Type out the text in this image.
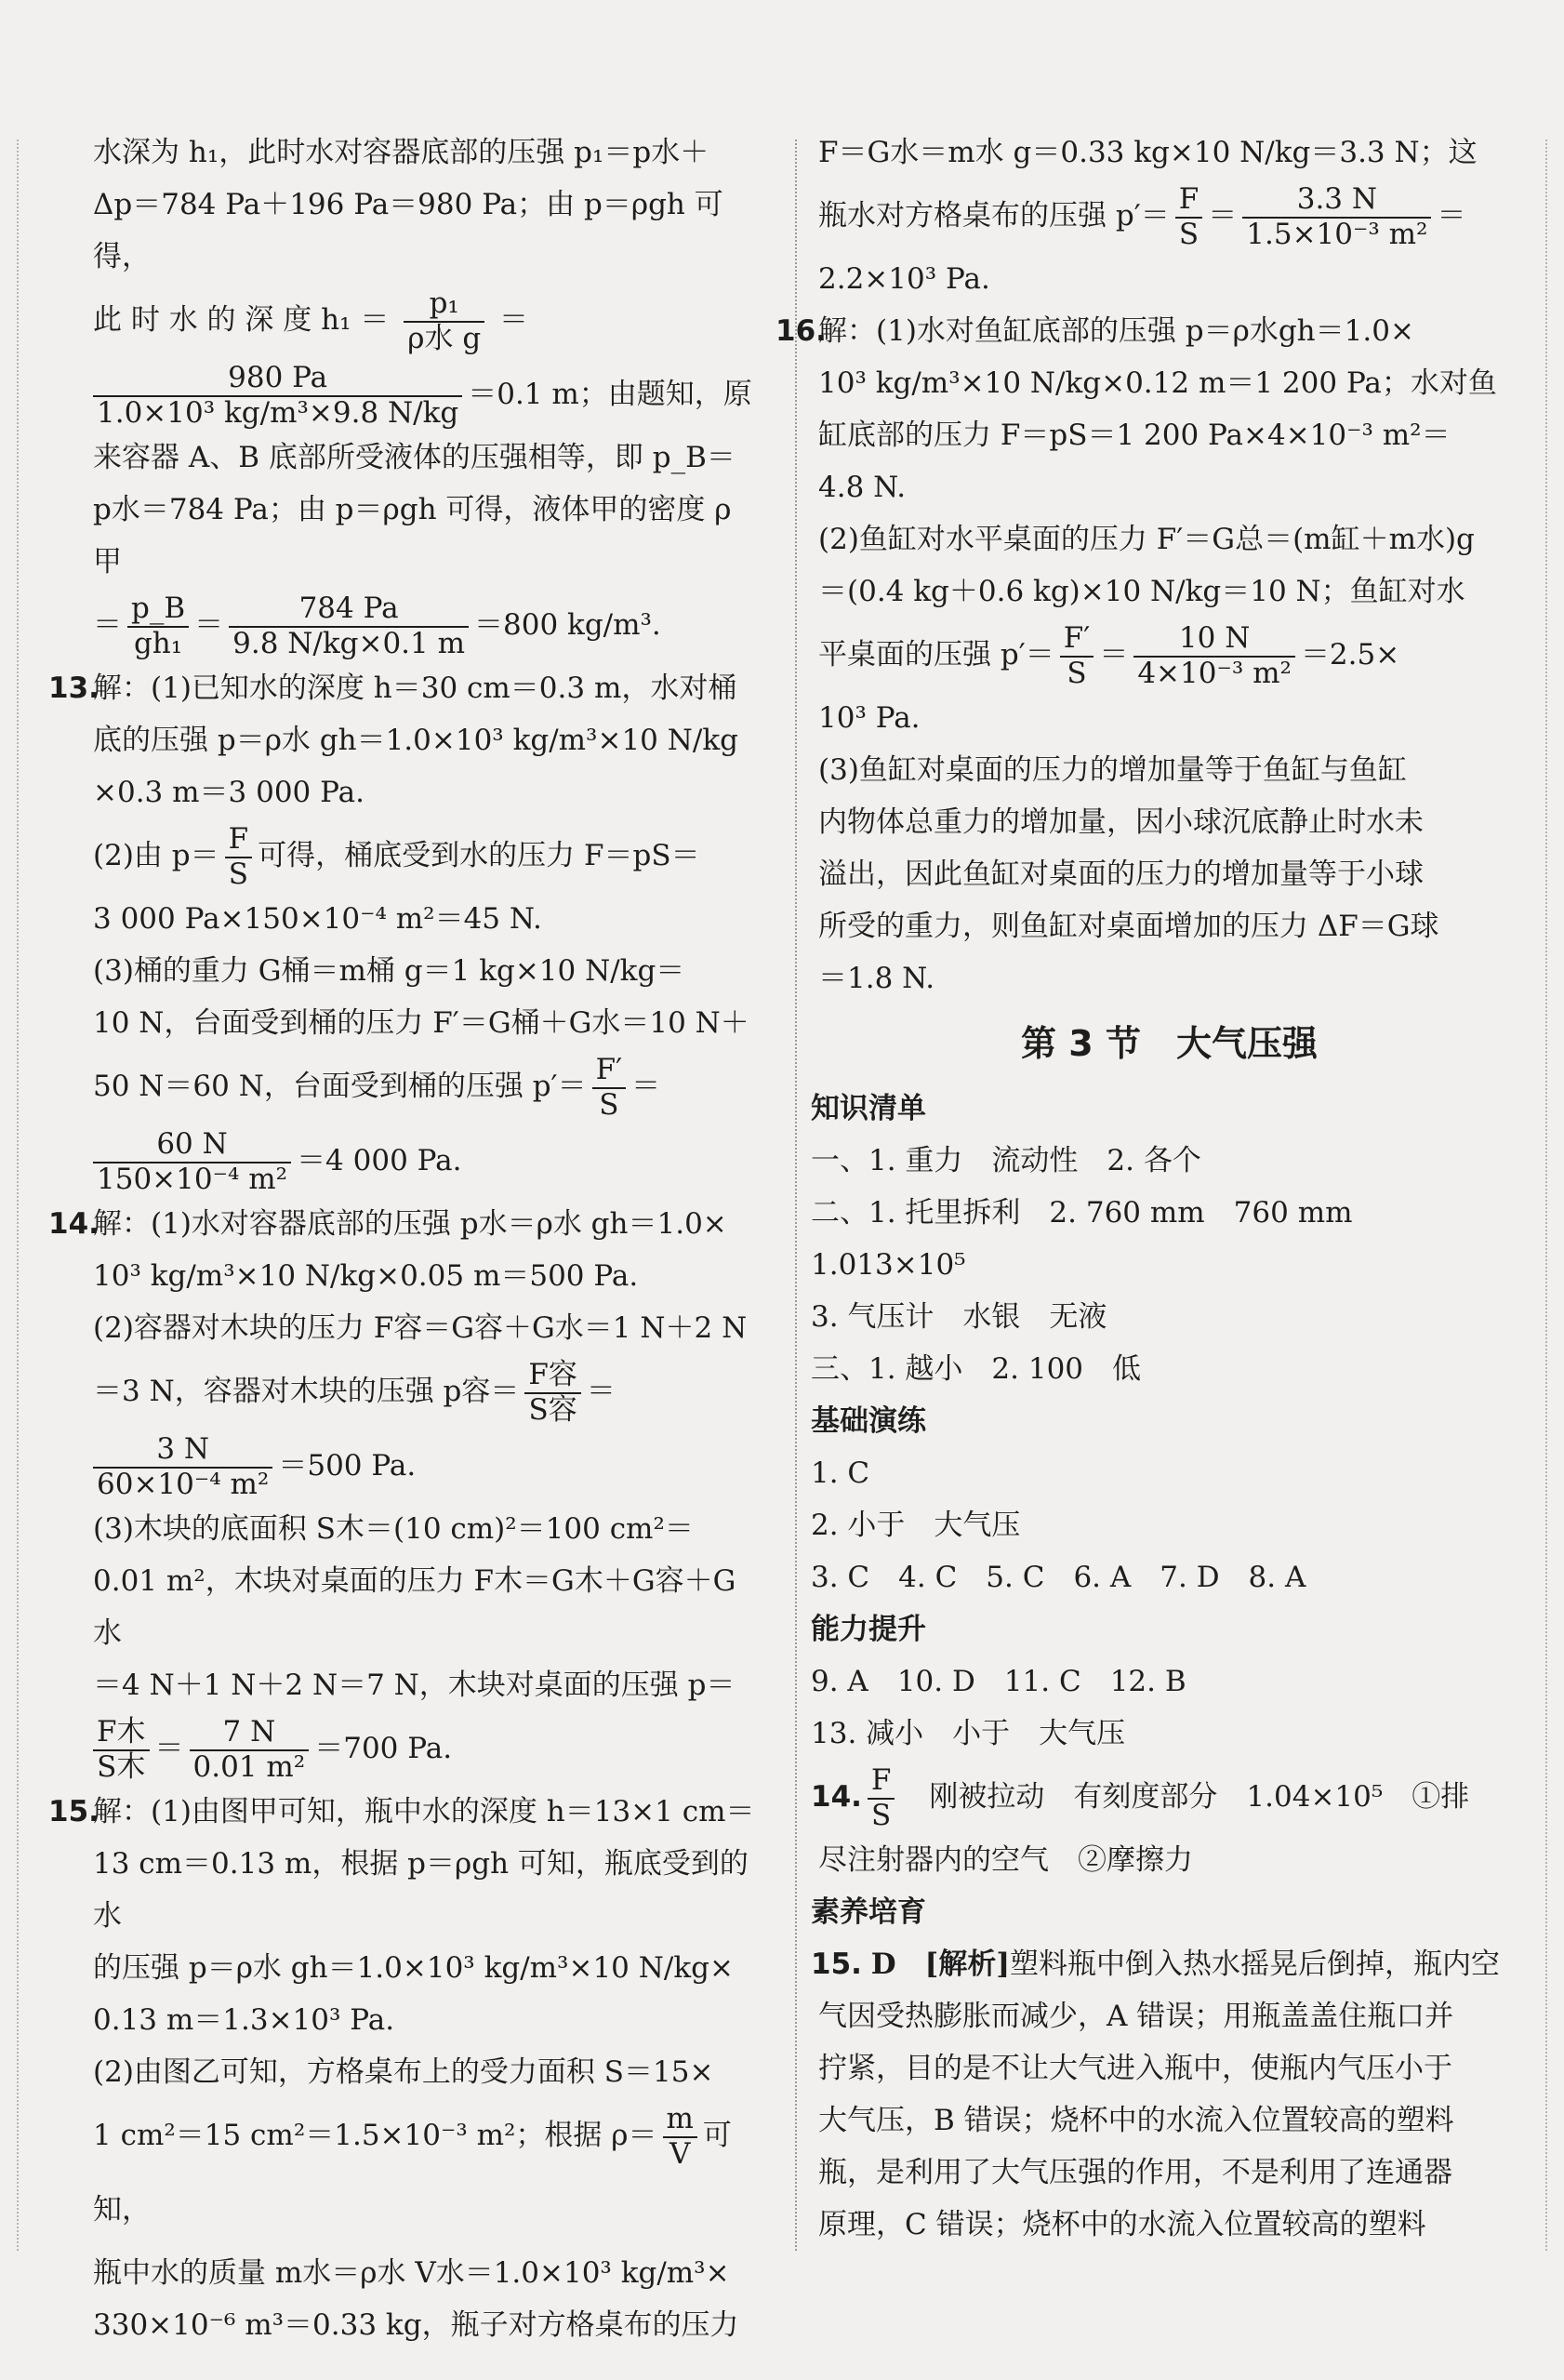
水深为 h₁，此时水对容器底部的压强 p₁＝p水＋
Δp＝784 Pa＋196 Pa＝980 Pa；由 p＝ρgh 可得，
此 时 水 的 深 度 $h_1 = \frac{\text{p₁}}{\text{ρ水 g}}$ ＝
$\frac{980 Pa}{\text{1.0×10³ kg/m³×9.8 N/kg}} =0.1$ m；由题知，原
来容器 A、B 底部所受液体的压强相等，即 p_B＝
p水＝784 Pa；由 p＝ρgh 可得，液体甲的密度 ρ甲
＝ $\frac{p\_B}{\text{gh₁}} = \frac{784 Pa}{9.8 N/kg\times 0.1 m} =800$ kg/m³.
13.
解：(1)已知水的深度 h＝30 cm＝0.3 m，水对桶
底的压强 p＝ρ水 gh＝1.0×10³ kg/m³×10 N/kg
×0.3 m＝3 000 Pa.
(2)由 $p= \frac{F}{S}$ 可得，桶底受到水的压力 F＝pS＝
3 000 Pa×150×10⁻⁴ m²＝45 N.
(3)桶的重力 G桶＝m桶 g＝1 kg×10 N/kg＝
10 N，台面受到桶的压力 F′＝G桶＋G水＝10 N＋
50 N＝60 N，台面受到桶的压强 $p'= \frac{F'}{S}$ ＝
$\frac{60 N}{\text{150×10⁻⁴ m²}} =4$ 000 Pa.
14.
解：(1)水对容器底部的压强 p水＝ρ水 gh＝1.0×
10³ kg/m³×10 N/kg×0.05 m＝500 Pa.
(2)容器对木块的压力 F容＝G容＋G水＝1 N＋2 N
＝3 N，容器对木块的压强 p容＝ $\frac{\text{F容}}{\text{S容}}$ ＝
$\frac{3 N}{\text{60×10⁻⁴ m²}} =500$ Pa.
(3)木块的底面积 S木＝(10 cm)²＝100 cm²＝
0.01 m²，木块对桌面的压力 F木＝G木＋G容＋G水
＝4 N＋1 N＋2 N＝7 N，木块对桌面的压强 p＝
$\frac{\text{F木}}{\text{S木}} = \frac{7 N}{\text{0.01 m²}} =700$ Pa.
15.
解：(1)由图甲可知，瓶中水的深度 h＝13×1 cm＝
13 cm＝0.13 m，根据 p＝ρgh 可知，瓶底受到的水
的压强 p＝ρ水 gh＝1.0×10³ kg/m³×10 N/kg×
0.13 m＝1.3×10³ Pa.
(2)由图乙可知，方格桌布上的受力面积 S＝15×
1 cm²＝15 cm²＝1.5×10⁻³ m²；根据 $\rho= \frac{m}{V}$ 可知，
瓶中水的质量 m水＝ρ水 V水＝1.0×10³ kg/m³×
330×10⁻⁶ m³＝0.33 kg，瓶子对方格桌布的压力
F＝G水＝m水 g＝0.33 kg×10 N/kg＝3.3 N；这
瓶水对方格桌布的压强 $p'= \frac{F}{S} = \frac{3.3 N}{\text{1.5×10⁻³ m²}}$ ＝
2.2×10³ Pa.
16.
解：(1)水对鱼缸底部的压强 p＝ρ水gh＝1.0×
10³ kg/m³×10 N/kg×0.12 m＝1 200 Pa；水对鱼
缸底部的压力 F＝pS＝1 200 Pa×4×10⁻³ m²＝
4.8 N.
(2)鱼缸对水平桌面的压力 F′＝G总＝(m缸＋m水)g
＝(0.4 kg＋0.6 kg)×10 N/kg＝10 N；鱼缸对水
平桌面的压强 $p'= \frac{F'}{S} = \frac{10 N}{\text{4×10⁻³ m²}} =2.5\times$
10³ Pa.
(3)鱼缸对桌面的压力的增加量等于鱼缸与鱼缸
内物体总重力的增加量，因小球沉底静止时水未
溢出，因此鱼缸对桌面的压力的增加量等于小球
所受的重力，则鱼缸对桌面增加的压力 ΔF＝G球
＝1.8 N.
第 3 节　大气压强
知识清单
一、1. 重力　流动性　2. 各个
二、1. 托里拆利　2. 760 mm　760 mm　1.013×10⁵
3. 气压计　水银　无液
三、1. 越小　2. 100　低
基础演练
1. C
2. 小于　大气压
3. C　4. C　5. C　6. A　7. D　8. A
能力提升
9. A　10. D　11. C　12. B
13. 减小　小于　大气压
14. $\frac{F}{S}$ 　刚被拉动　有刻度部分　1.04×10⁵　①排
尽注射器内的空气　②摩擦力
素养培育
15. D　[解析]塑料瓶中倒入热水摇晃后倒掉，瓶内空
气因受热膨胀而减少，A 错误；用瓶盖盖住瓶口并
拧紧，目的是不让大气进入瓶中，使瓶内气压小于
大气压，B 错误；烧杯中的水流入位置较高的塑料
瓶，是利用了大气压强的作用，不是利用了连通器
原理，C 错误；烧杯中的水流入位置较高的塑料
